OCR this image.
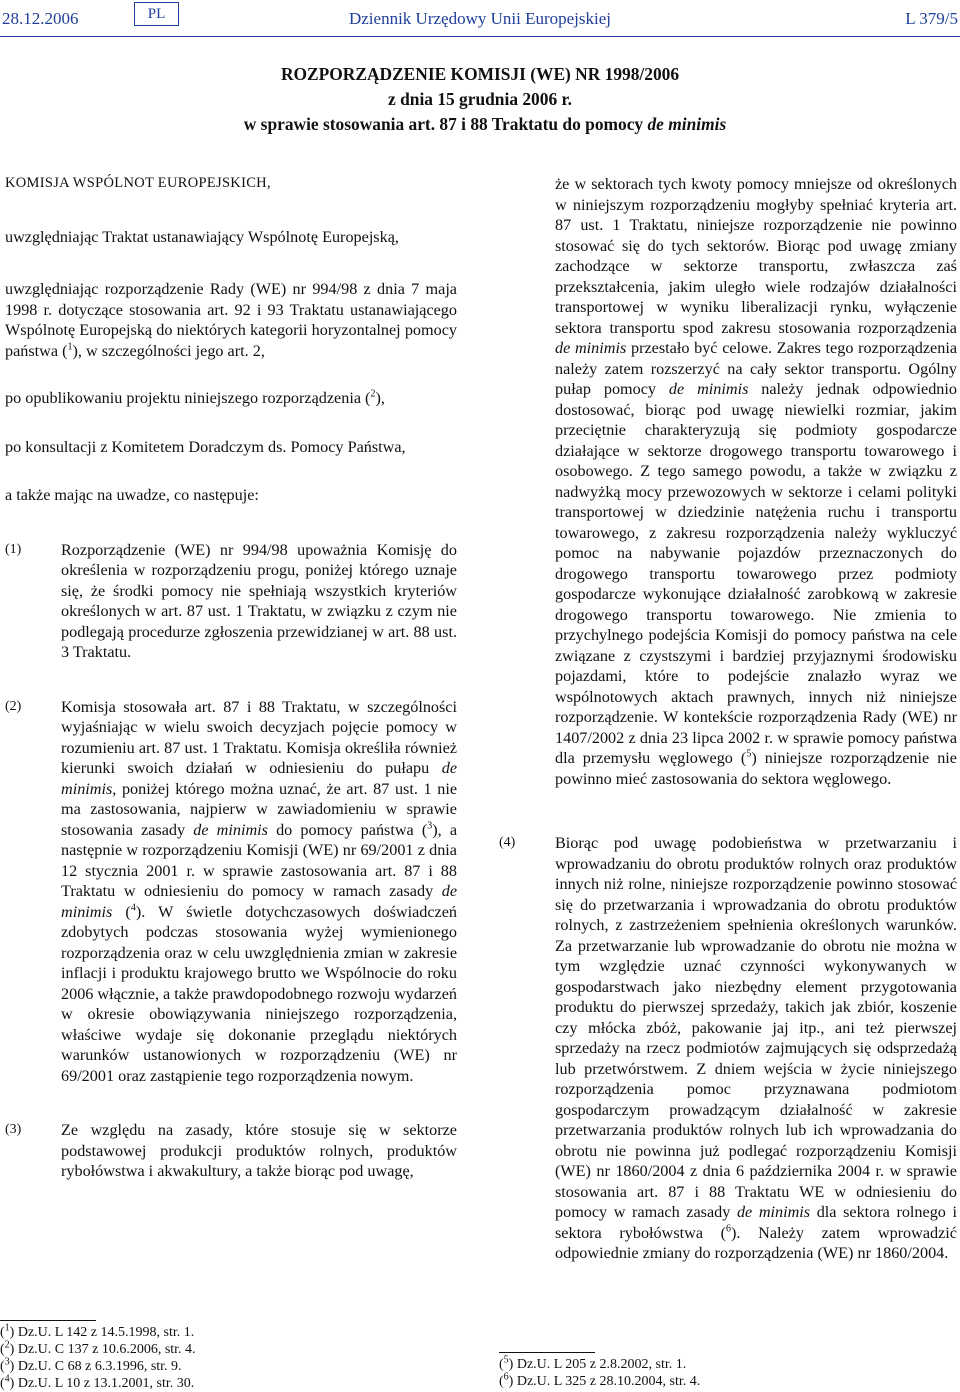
28.12.2006	PL	Dziennik Urzędowy Unii Europejskiej	L 379/5
ROZPORZĄDZENIE KOMISJI (WE) NR 1998/2006
z dnia 15 grudnia 2006 r.
w sprawie stosowania art. 87 i 88 Traktatu do pomocy de minimis

KOMISJA WSPÓLNOT EUROPEJSKICH,

uwzględniając Traktat ustanawiający Wspólnotę Europejską,

uwzględniając rozporządzenie Rady (WE) nr 994/98 z dnia 7 maja 1998 r. dotyczące stosowania art. 92 i 93 Traktatu ustanawiającego Wspólnotę Europejską do niektórych kategorii horyzontalnej pomocy państwa ($^1$), w szczególności jego art. 2,

po opublikowaniu projektu niniejszego rozporządzenia ($^2$),

po konsultacji z Komitetem Doradczym ds. Pomocy Państwa,

a także mając na uwadze, co następuje:

(1) Rozporządzenie (WE) nr 994/98 upoważnia Komisję do określenia w rozporządzeniu progu, poniżej którego uznaje się, że środki pomocy nie spełniają wszystkich kryteriów określonych w art. 87 ust. 1 Traktatu, w związku z czym nie podlegają procedurze zgłoszenia przewidzianej w art. 88 ust. 3 Traktatu.
(2) Komisja stosowała art. 87 i 88 Traktatu, w szczególności wyjaśniając w wielu swoich decyzjach pojęcie pomocy w rozumieniu art. 87 ust. 1 Traktatu. Komisja określiła również kierunki swoich działań w odniesieniu do pułapu de minimis, poniżej którego można uznać, że art. 87 ust. 1 nie ma zastosowania, najpierw w zawiadomieniu w sprawie stosowania zasady de minimis do pomocy państwa ($^3$), a następnie w rozporządzeniu Komisji (WE) nr 69/2001 z dnia 12 stycznia 2001 r. w sprawie zastosowania art. 87 i 88 Traktatu w odniesieniu do pomocy w ramach zasady de minimis ($^4$). W świetle dotychczasowych doświadczeń zdobytych podczas stosowania wyżej wymienionego rozporządzenia oraz w celu uwzględnienia zmian w zakresie inflacji i produktu krajowego brutto we Wspólnocie do roku 2006 włącznie, a także prawdopodobnego rozwoju wydarzeń w okresie obowiązywania niniejszego rozporządzenia, właściwe wydaje się dokonanie przeglądu niektórych warunków ustanowionych w rozporządzeniu (WE) nr 69/2001 oraz zastąpienie tego rozporządzenia nowym.
(3) Ze względu na zasady, które stosuje się w sektorze podstawowej produkcji produktów rolnych, produktów rybołówstwa i akwakultury, a także biorąc pod uwagę,
że w sektorach tych kwoty pomocy mniejsze od określonych w niniejszym rozporządzeniu mogłyby spełniać kryteria art. 87 ust. 1 Traktatu, niniejsze rozporządzenie nie powinno stosować się do tych sektorów. Biorąc pod uwagę zmiany zachodzące w sektorze transportu, zwłaszcza zaś przekształcenia, jakim uległo wiele rodzajów działalności transportowej w wyniku liberalizacji rynku, wyłączenie sektora transportu spod zakresu stosowania rozporządzenia de minimis przestało być celowe. Zakres tego rozporządzenia należy zatem rozszerzyć na cały sektor transportu. Ogólny pułap pomocy de minimis należy jednak odpowiednio dostosować, biorąc pod uwagę niewielki rozmiar, jakim przeciętnie charakteryzują się podmioty gospodarcze działające w sektorze drogowego transportu towarowego i osobowego. Z tego samego powodu, a także w związku z nadwyżką mocy przewozowych w sektorze i celami polityki transportowej w dziedzinie natężenia ruchu i transportu towarowego, z zakresu rozporządzenia należy wykluczyć pomoc na nabywanie pojazdów przeznaczonych do drogowego transportu towarowego przez podmioty gospodarcze wykonujące działalność zarobkową w zakresie drogowego transportu towarowego. Nie zmienia to przychylnego podejścia Komisji do pomocy państwa na cele związane z czystszymi i bardziej przyjaznymi środowisku pojazdami, które to podejście znalazło wyraz we wspólnotowych aktach prawnych, innych niż niniejsze rozporządzenie. W kontekście rozporządzenia Rady (WE) nr 1407/2002 z dnia 23 lipca 2002 r. w sprawie pomocy państwa dla przemysłu węglowego ($^5$) niniejsze rozporządzenie nie powinno mieć zastosowania do sektora węglowego.
(4) Biorąc pod uwagę podobieństwa w przetwarzaniu i wprowadzaniu do obrotu produktów rolnych oraz produktów innych niż rolne, niniejsze rozporządzenie powinno stosować się do przetwarzania i wprowadzania do obrotu produktów rolnych, z zastrzeżeniem spełnienia określonych warunków. Za przetwarzanie lub wprowadzanie do obrotu nie można w tym względzie uznać czynności wykonywanych w gospodarstwach jako niezbędny element przygotowania produktu do pierwszej sprzedaży, takich jak zbiór, koszenie czy młócka zbóż, pakowanie jaj itp., ani też pierwszej sprzedaży na rzecz podmiotów zajmujących się odsprzedażą lub przetwórstwem. Z dniem wejścia w życie niniejszego rozporządzenia pomoc przyznawana podmiotom gospodarczym prowadzącym działalność w zakresie przetwarzania produktów rolnych lub ich wprowadzania do obrotu nie powinna już podlegać rozporządzeniu Komisji (WE) nr 1860/2004 z dnia 6 października 2004 r. w sprawie stosowania art. 87 i 88 Traktatu WE w odniesieniu do pomocy w ramach zasady de minimis dla sektora rolnego i sektora rybołówstwa ($^6$). Należy zatem wprowadzić odpowiednie zmiany do rozporządzenia (WE) nr 1860/2004.
($^1$) Dz.U. L 142 z 14.5.1998, str. 1.
($^2$) Dz.U. C 137 z 10.6.2006, str. 4.
($^3$) Dz.U. C 68 z 6.3.1996, str. 9.
($^4$) Dz.U. L 10 z 13.1.2001, str. 30.
($^5$) Dz.U. L 205 z 2.8.2002, str. 1.
($^6$) Dz.U. L 325 z 28.10.2004, str. 4.
